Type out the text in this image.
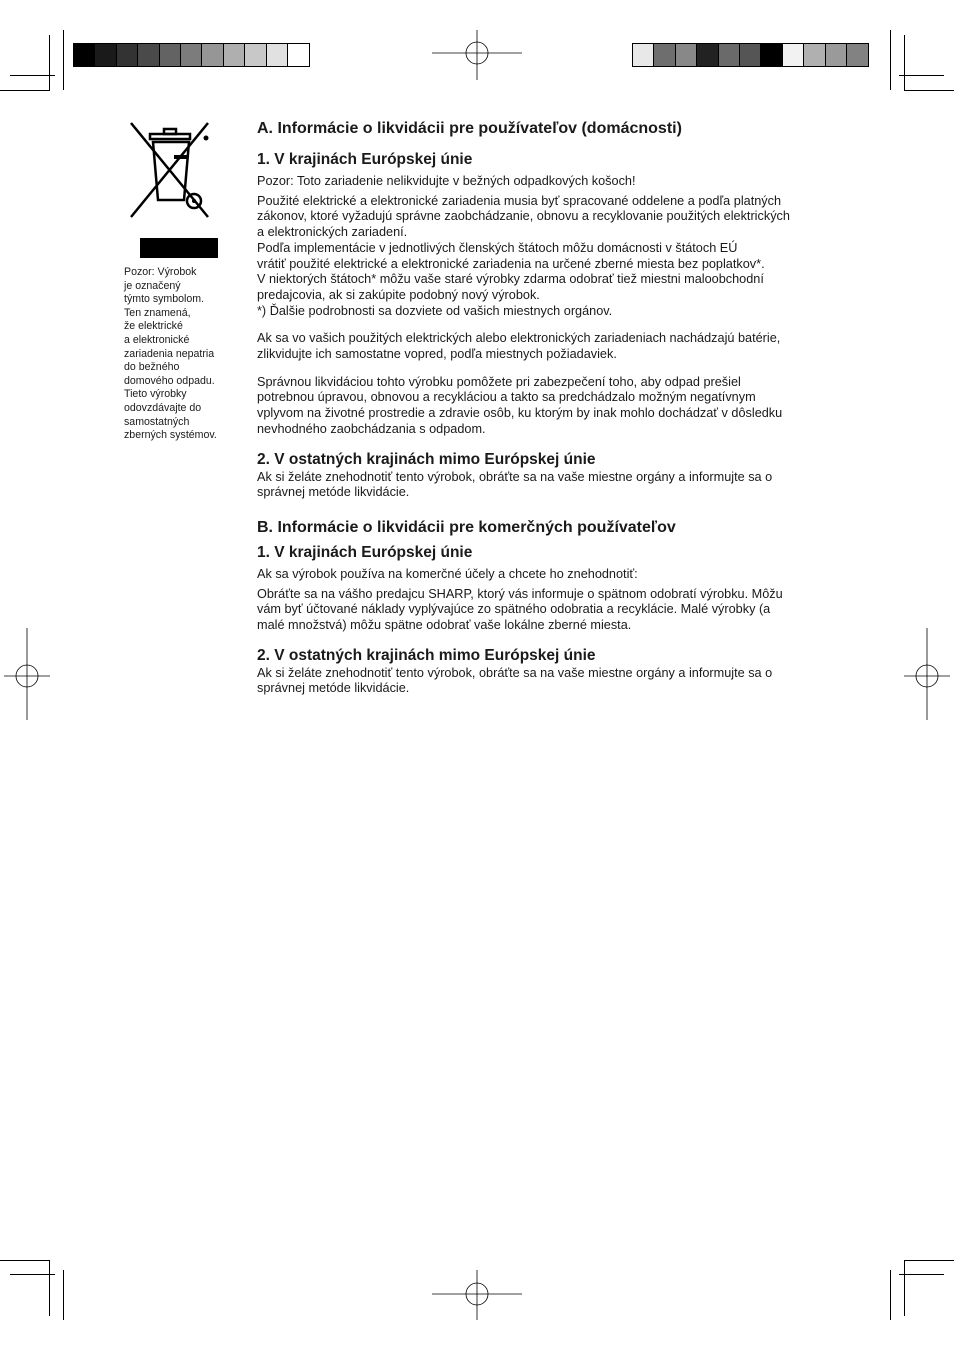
Pozor: Výrobok
je označený
týmto symbolom.
Ten znamená,
že elektrické
a elektronické
zariadenia nepatria
do bežného
domového odpadu.
Tieto výrobky
odovzdávajte do
samostatných
zberných systémov.
A. Informácie o likvidácii pre používateľov (domácnosti)
1. V krajinách Európskej únie

Pozor: Toto zariadenie nelikvidujte v bežných odpadkových košoch!

Použité elektrické a elektronické zariadenia musia byť spracované oddelene a podľa platných

zákonov, ktoré vyžadujú správne zaobchádzanie, obnovu a recyklovanie použitých elektrických

a elektronických zariadení.

Podľa implementácie v jednotlivých členských štátoch môžu domácnosti v štátoch EÚ

vrátiť použité elektrické a elektronické zariadenia na určené zberné miesta bez poplatkov*.

V niektorých štátoch* môžu vaše staré výrobky zdarma odobrať tiež miestni maloobchodní

predajcovia, ak si zakúpite podobný nový výrobok.

*) Ďalšie podrobnosti sa dozviete od vašich miestnych orgánov.

Ak sa vo vašich použitých elektrických alebo elektronických zariadeniach nachádzajú batérie,

zlikvidujte ich samostatne vopred, podľa miestnych požiadaviek.

Správnou likvidáciou tohto výrobku pomôžete pri zabezpečení toho, aby odpad prešiel

potrebnou úpravou, obnovou a recykláciou a takto sa predchádzalo možným negatívnym

vplyvom na životné prostredie a zdravie osôb, ku ktorým by inak mohlo dochádzať v dôsledku

nevhodného zaobchádzania s odpadom.

2. V ostatných krajinách mimo Európskej únie

Ak si želáte znehodnotiť tento výrobok, obráťte sa na vaše miestne orgány a informujte sa o

správnej metóde likvidácie.

B. Informácie o likvidácii pre komerčných používateľov
1. V krajinách Európskej únie

Ak sa výrobok používa na komerčné účely a chcete ho znehodnotiť:

Obráťte sa na vášho predajcu SHARP, ktorý vás informuje o spätnom odobratí výrobku. Môžu

vám byť účtované náklady vyplývajúce zo spätného odobratia a recyklácie. Malé výrobky (a

malé množstvá) môžu spätne odobrať vaše lokálne zberné miesta.

2. V ostatných krajinách mimo Európskej únie

Ak si želáte znehodnotiť tento výrobok, obráťte sa na vaše miestne orgány a informujte sa o

správnej metóde likvidácie.
